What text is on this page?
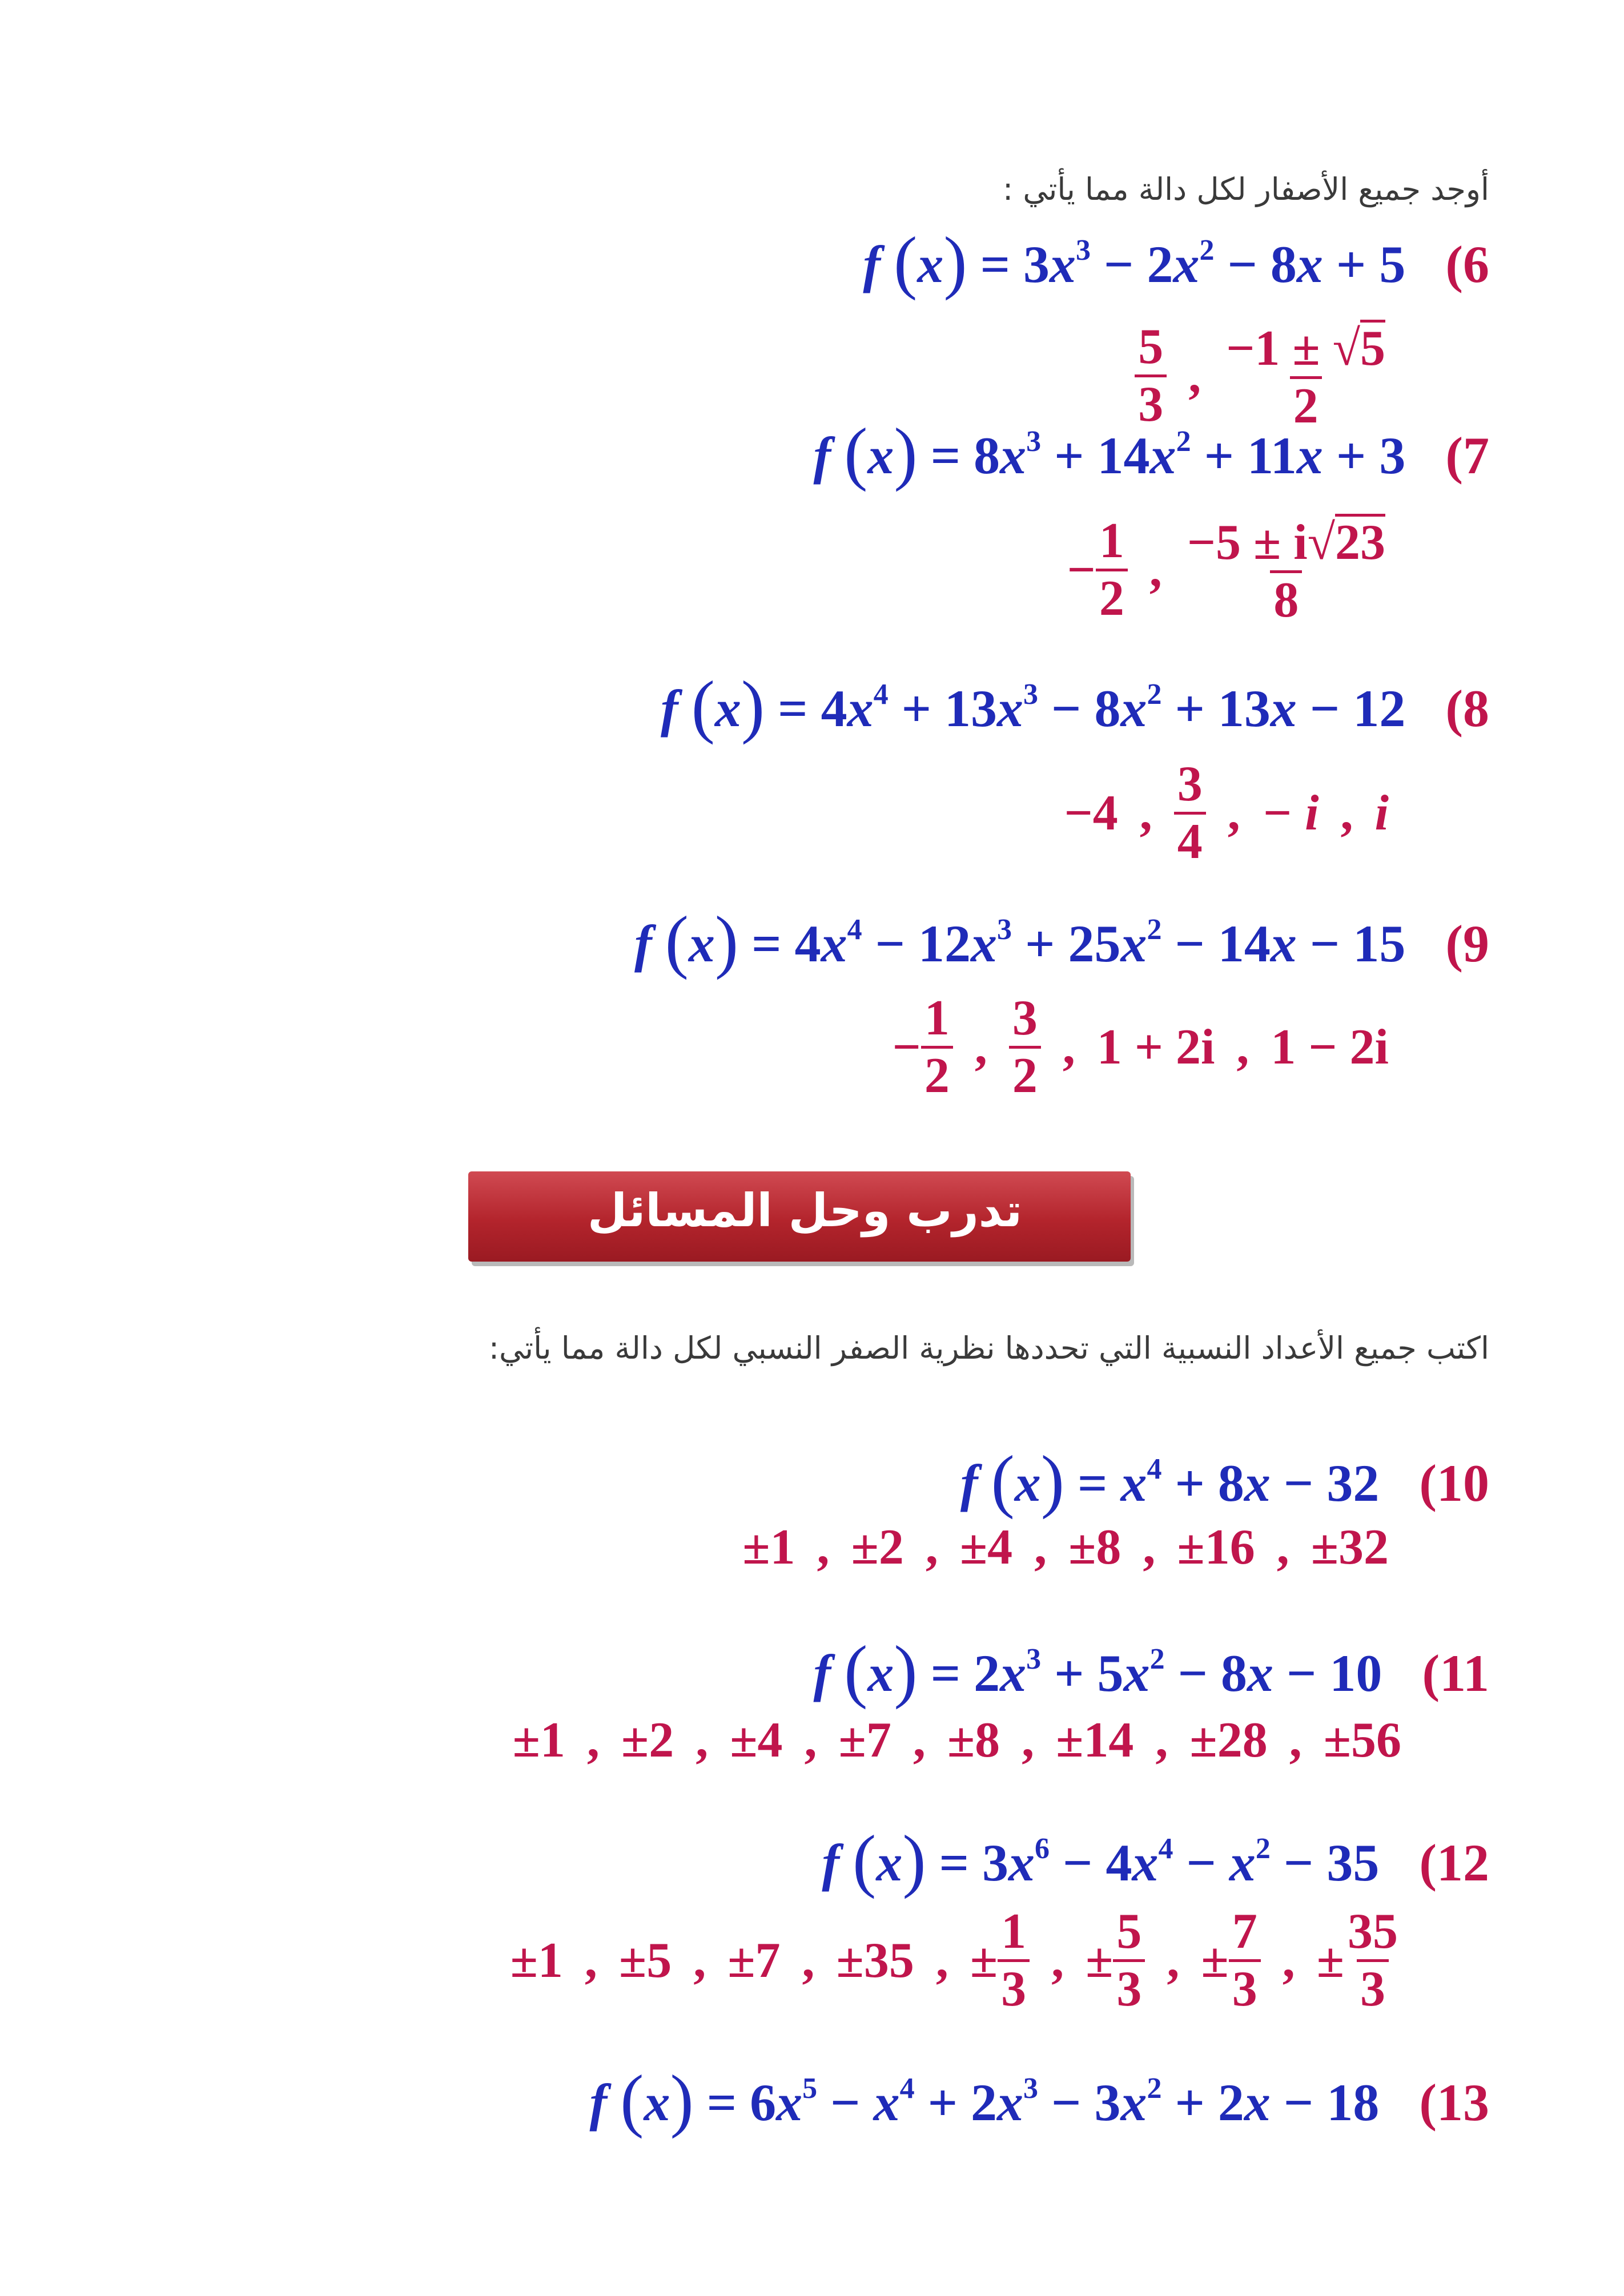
أوجد جميع الأصفار لكل دالة مما يأتي :
f $(x) = 3x^3 - 2x^2 - 8x + 5$ (6
$\frac{5}{3}$ , $\frac{-1 \pm √5}{2}$
f $(x) = 8x^3 + 14x^2 + 11x + 3$ (7
− $\frac{1}{2}$ , $\frac{-5 \pm i√23}{8}$
f $(x) = 4x^4 + 13x^3 - 8x^2 + 13x - 12$ (8
−4 , $\frac{3}{4}$ , − i , i
f $(x) = 4x^4 - 12x^3 + 25x^2 - 14x - 15$ (9
− $\frac{1}{2}$ , $\frac{3}{2}$ , 1 + 2i , 1 − 2i
تدرب وحل المسائل
اكتب جميع الأعداد النسبية التي تحددها نظرية الصفر النسبي لكل دالة مما يأتي:
f $(x) = x^4 + 8x - 32$ (10
±1 , ±2 , ±4 , ±8 , ±16 , ±32
f $(x) = 2x^3 + 5x^2 - 8x - 10$ (11
±1 , ±2 , ±4 , ±7 , ±8 , ±14 , ±28 , ±56
f $(x) = 3x^6 - 4x^4 - x^2 - 35$ (12
±1 , ±5 , ±7 , ±35 , ± $\frac{1}{3}$ , ± $\frac{5}{3}$ , ± $\frac{7}{3}$ , ± $\frac{35}{3}$
f $(x) = 6x^5 - x^4 + 2x^3 - 3x^2 + 2x - 18$ (13
